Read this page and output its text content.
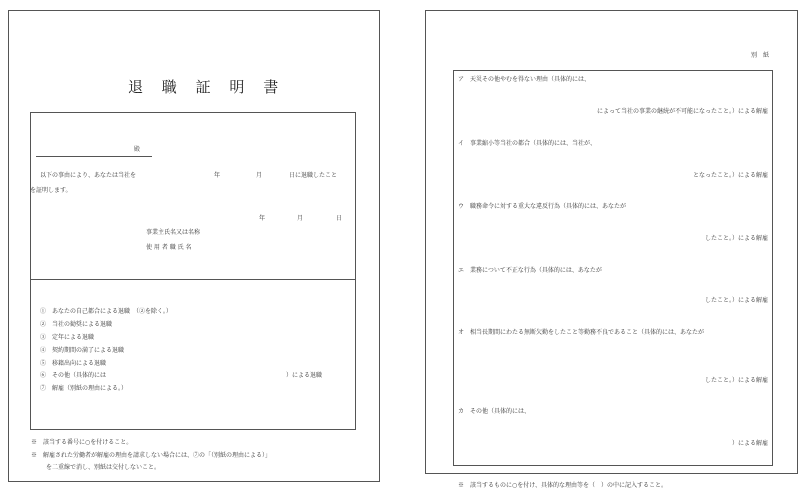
退 職 証 明 書
殿
以下の事由により、あなたは当社を	年	月	日に退職したこと
を証明します。
年	月	日
事業主氏名又は名称
使 用 者 職 氏 名
①　あなたの自己都合による退職　（②を除く。）
②　当社の勧奨による退職
③　定年による退職
④　契約期間の満了による退職
⑤　移籍出向による退職
⑥　その他（具体的には	）による退職
⑦　解雇（別紙の理由による。）
※　該当する番号に○を付けること。
※　解雇された労働者が解雇の理由を請求しない場合には、⑦の「（別紙の理由による）」
を二重線で消し、別紙は交付しないこと。
別　紙
ア　天災その他やむを得ない理由（具体的には、
によって当社の事業の継続が不可能になったこと。）による解雇
イ　事業縮小等当社の都合（具体的には、当社が、
となったこと。）による解雇
ウ　職務命令に対する重大な違反行為（具体的には、あなたが
したこと。）による解雇
エ　業務について不正な行為（具体的には、あなたが
したこと。）による解雇
オ　相当長期間にわたる無断欠勤をしたこと等勤務不良であること（具体的には、あなたが
したこと。）による解雇
カ　その他（具体的には、
）による解雇
※　該当するものに○を付け、具体的な理由等を（　）の中に記入すること。
